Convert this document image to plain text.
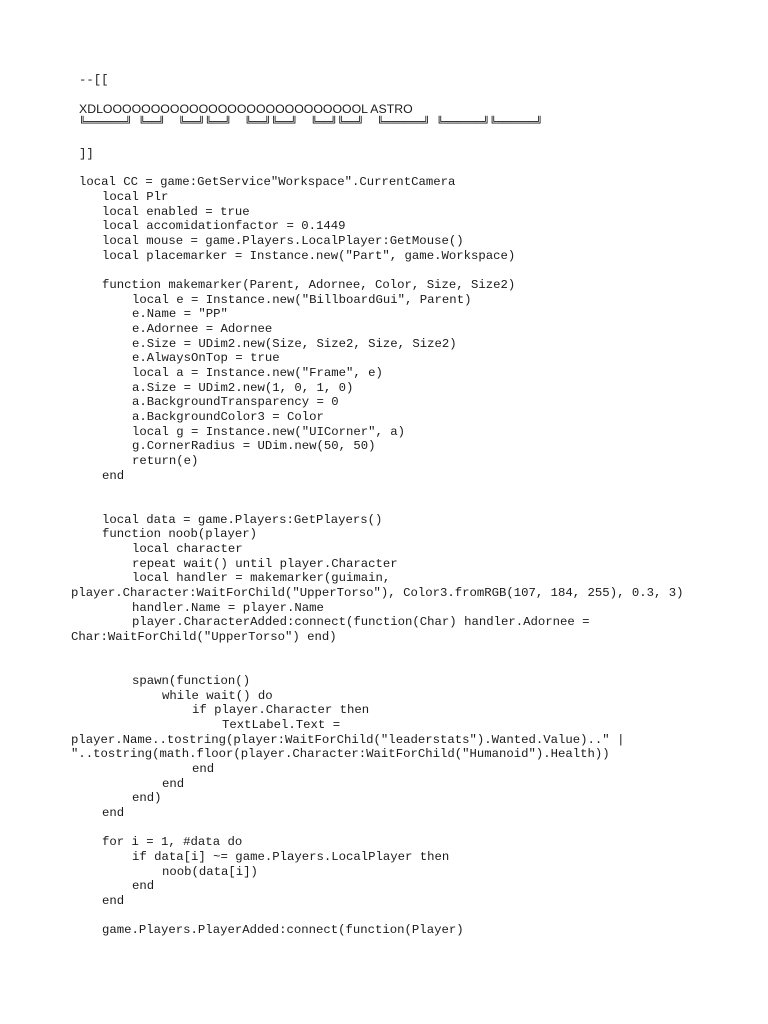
--[[
XDLOOOOOOOOOOOOOOOOOOOOOOOOOOOL ASTRO
╚══════╝ ╚══╝  ╚══╝╚══╝  ╚══╝╚══╝  ╚══╝╚══╝  ╚══════╝ ╚══════╝╚══════╝
]]
local CC = game:GetService"Workspace".CurrentCamera
local Plr
local enabled = true
local accomidationfactor = 0.1449
local mouse = game.Players.LocalPlayer:GetMouse()
local placemarker = Instance.new("Part", game.Workspace)
function makemarker(Parent, Adornee, Color, Size, Size2)
local e = Instance.new("BillboardGui", Parent)
e.Name = "PP"
e.Adornee = Adornee
e.Size = UDim2.new(Size, Size2, Size, Size2)
e.AlwaysOnTop = true
local a = Instance.new("Frame", e)
a.Size = UDim2.new(1, 0, 1, 0)
a.BackgroundTransparency = 0
a.BackgroundColor3 = Color
local g = Instance.new("UICorner", a)
g.CornerRadius = UDim.new(50, 50)
return(e)
end
local data = game.Players:GetPlayers()
function noob(player)
local character
repeat wait() until player.Character
local handler = makemarker(guimain,
player.Character:WaitForChild("UpperTorso"), Color3.fromRGB(107, 184, 255), 0.3, 3)
handler.Name = player.Name
player.CharacterAdded:connect(function(Char) handler.Adornee =
Char:WaitForChild("UpperTorso") end)
spawn(function()
while wait() do
if player.Character then
TextLabel.Text =
player.Name..tostring(player:WaitForChild("leaderstats").Wanted.Value).." |
"..tostring(math.floor(player.Character:WaitForChild("Humanoid").Health))
end
end
end)
end
for i = 1, #data do
if data[i] ~= game.Players.LocalPlayer then
noob(data[i])
end
end
game.Players.PlayerAdded:connect(function(Player)
